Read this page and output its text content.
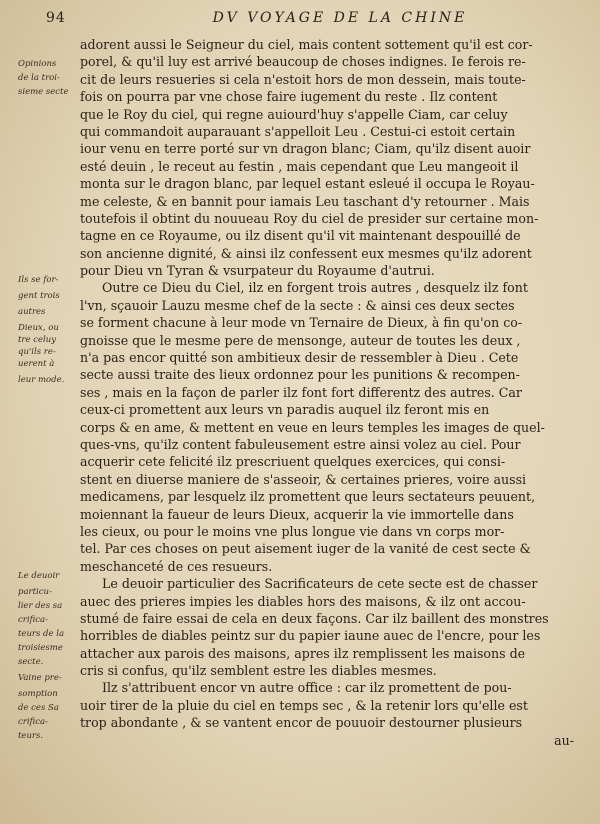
94	DV VOYAGE DE LA CHINE
Opinions
de la troi-
sieme secte
Ils se for-
gent trois
autres
Dieux, ou
tre celuy
qu'ils re-
uerent à
leur mode.
Le deuoir
particu-
lier des sa
crifica-
teurs de la
troisiesme
secte.
Vaine pre-
somption
de ces Sa
crifica-
teurs.
adorent aussi le Seigneur du ciel, mais content sottement qu'il est cor-
porel, & qu'il luy est arrivé beaucoup de choses indignes. Ie ferois re-
cit de leurs resueries si cela n'estoit hors de mon dessein, mais toute-
fois on pourra par vne chose faire iugement du reste . Ilz content
que le Roy du ciel, qui regne auiourd'huy s'appelle Ciam, car celuy
qui commandoit auparauant s'appelloit Leu . Cestui-ci estoit certain
iour venu en terre porté sur vn dragon blanc; Ciam, qu'ilz disent auoir
esté deuin , le receut au festin , mais cependant que Leu mangeoit il
monta sur le dragon blanc, par lequel estant esleué il occupa le Royau-
me celeste, & en bannit pour iamais Leu taschant d'y retourner . Mais
toutefois il obtint du nouueau Roy du ciel de presider sur certaine mon-
tagne en ce Royaume, ou ilz disent qu'il vit maintenant despouillé de
son ancienne dignité, & ainsi ilz confessent eux mesmes qu'ilz adorent
pour Dieu vn Tyran & vsurpateur du Royaume d'autrui.
Outre ce Dieu du Ciel, ilz en forgent trois autres , desquelz ilz font
l'vn, sçauoir Lauzu mesme chef de la secte : & ainsi ces deux sectes
se forment chacune à leur mode vn Ternaire de Dieux, à fin qu'on co-
gnoisse que le mesme pere de mensonge, auteur de toutes les deux ,
n'a pas encor quitté son ambitieux desir de ressembler à Dieu . Cete
secte aussi traite des lieux ordonnez pour les punitions & recompen-
ses , mais en la façon de parler ilz font fort differentz des autres. Car
ceux-ci promettent aux leurs vn paradis auquel ilz feront mis en
corps & en ame, & mettent en veue en leurs temples les images de quel-
ques-vns, qu'ilz content fabuleusement estre ainsi volez au ciel. Pour
acquerir cete felicité ilz prescriuent quelques exercices, qui consi-
stent en diuerse maniere de s'asseoir, & certaines prieres, voire aussi
medicamens, par lesquelz ilz promettent que leurs sectateurs peuuent,
moiennant la faueur de leurs Dieux, acquerir la vie immortelle dans
les cieux, ou pour le moins vne plus longue vie dans vn corps mor-
tel. Par ces choses on peut aisement iuger de la vanité de cest secte &
meschanceté de ces resueurs.
Le deuoir particulier des Sacrificateurs de cete secte est de chasser
auec des prieres impies les diables hors des maisons, & ilz ont accou-
stumé de faire essai de cela en deux façons. Car ilz baillent des monstres
horribles de diables peintz sur du papier iaune auec de l'encre, pour les
attacher aux parois des maisons, apres ilz remplissent les maisons de
cris si confus, qu'ilz semblent estre les diables mesmes.
Ilz s'attribuent encor vn autre office : car ilz promettent de pou-
uoir tirer de la pluie du ciel en temps sec , & la retenir lors qu'elle est
trop abondante , & se vantent encor de pouuoir destourner plusieurs
au-
